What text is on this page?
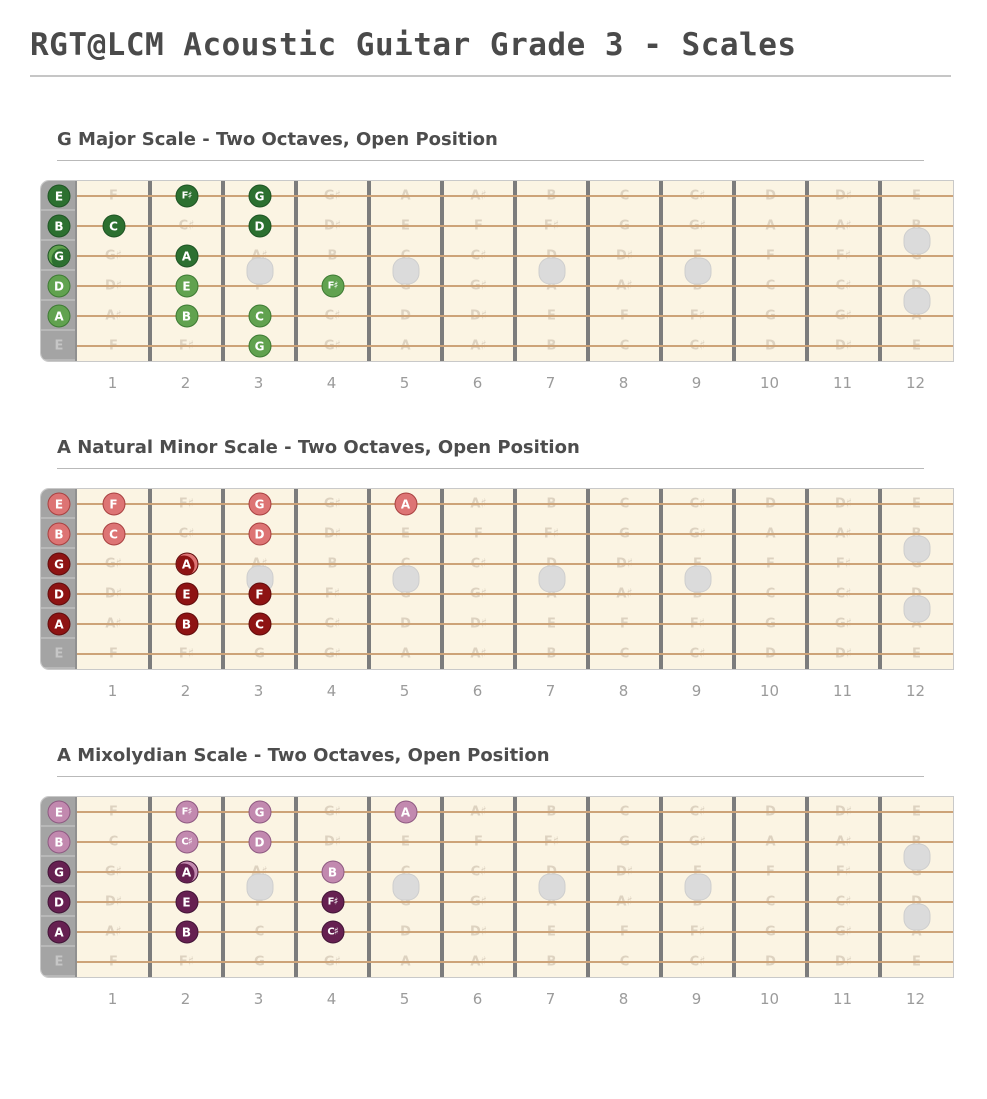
RGT@LCM Acoustic Guitar Grade 3 - Scales
G Major Scale - Two Octaves, Open Position
E	G
A	B	C
D	E	F♯
G	A
B	C	D
E	F♯	G
1	2	3	4	5	6	7	8	9	10	11	12
A Natural Minor Scale - Two Octaves, Open Position
E
A	B	C
D	E	F
G	A
B	C	D
E	F	G	A
1	2	3	4	5	6	7	8	9	10	11	12
A Mixolydian Scale - Two Octaves, Open Position
E
A	B	C♯
D	E	F♯
G	A	B
B	C♯	D
E	F♯	G	A
1	2	3	4	5	6	7	8	9	10	11	12
